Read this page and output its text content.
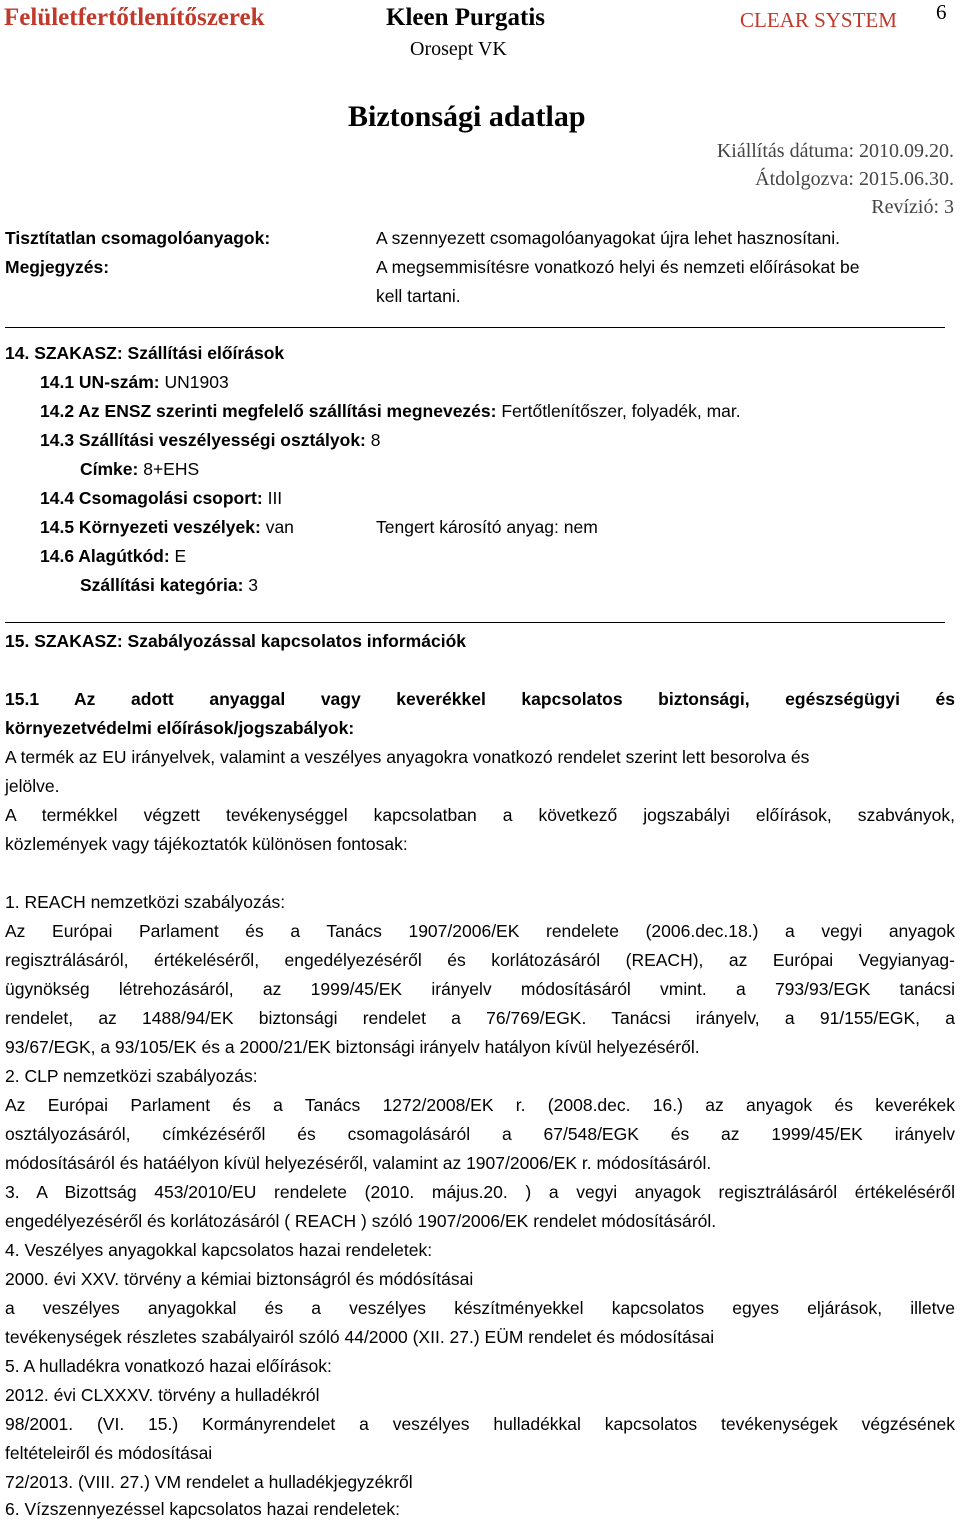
Felületfertőtlenítőszerek	Kleen Purgatis	CLEAR SYSTEM 6
Orosept VK
Biztonsági adatlap
Kiállítás dátuma: 2010.09.20.
Átdolgozva: 2015.06.30.
Revízió: 3
Tisztítatlan csomagolóanyagok:	A szennyezett csomagolóanyagokat újra lehet hasznosítani.
Megjegyzés:	A megsemmisítésre vonatkozó helyi és nemzeti előírásokat be
kell tartani.
14. SZAKASZ: Szállítási előírások
14.1 UN-szám: UN1903
14.2 Az ENSZ szerinti megfelelő szállítási megnevezés: Fertőtlenítőszer, folyadék, mar.
14.3 Szállítási veszélyességi osztályok: 8
Címke: 8+EHS
14.4 Csomagolási csoport: III
14.5 Környezeti veszélyek: van	Tengert károsító anyag: nem
14.6 Alagútkód: E
Szállítási kategória: 3
15. SZAKASZ: Szabályozással kapcsolatos információk
15.1 Az adott anyaggal vagy keverékkel kapcsolatos biztonsági, egészségügyi és
környezetvédelmi előírások/jogszabályok:
A termék az EU irányelvek, valamint a veszélyes anyagokra vonatkozó rendelet szerint lett besorolva és
jelölve.
A termékkel végzett tevékenységgel kapcsolatban a következő jogszabályi előírások, szabványok,
közlemények vagy tájékoztatók különösen fontosak:
1. REACH nemzetközi szabályozás:
Az Európai Parlament és a Tanács 1907/2006/EK rendelete (2006.dec.18.) a vegyi anyagok
regisztrálásáról, értékeléséről, engedélyezéséről és korlátozásáról (REACH), az Európai Vegyianyag-
ügynökség létrehozásáról, az 1999/45/EK irányelv módosításáról vmint. a 793/93/EGK tanácsi
rendelet, az 1488/94/EK biztonsági rendelet a 76/769/EGK. Tanácsi irányelv, a 91/155/EGK, a
93/67/EGK, a 93/105/EK és a 2000/21/EK biztonsági irányelv hatályon kívül helyezéséről.
2. CLP nemzetközi szabályozás:
Az Európai Parlament és a Tanács 1272/2008/EK r. (2008.dec. 16.) az anyagok és keverékek
osztályozásáról, címkézéséről és csomagolásáról a 67/548/EGK és az 1999/45/EK irányelv
módosításáról és hatáélyon kívül helyezéséről, valamint az 1907/2006/EK r. módosításáról.
3. A Bizottság 453/2010/EU rendelete (2010. május.20. ) a vegyi anyagok regisztrálásáról értékeléséről
engedélyezéséről és korlátozásáról ( REACH ) szóló 1907/2006/EK rendelet módosításáról.
4. Veszélyes anyagokkal kapcsolatos hazai rendeletek:
2000. évi XXV. törvény a kémiai biztonságról és módósításai
a veszélyes anyagokkal és a veszélyes készítményekkel kapcsolatos egyes eljárások, illetve
tevékenységek részletes szabályairól szóló 44/2000 (XII. 27.) EÜM rendelet és módosításai
5. A hulladékra vonatkozó hazai előírások:
2012. évi CLXXXV. törvény a hulladékról
98/2001. (VI. 15.) Kormányrendelet a veszélyes hulladékkal kapcsolatos tevékenységek végzésének
feltételeiről és módosításai
72/2013. (VIII. 27.) VM rendelet a hulladékjegyzékről
6. Vízszennyezéssel kapcsolatos hazai rendeletek:
